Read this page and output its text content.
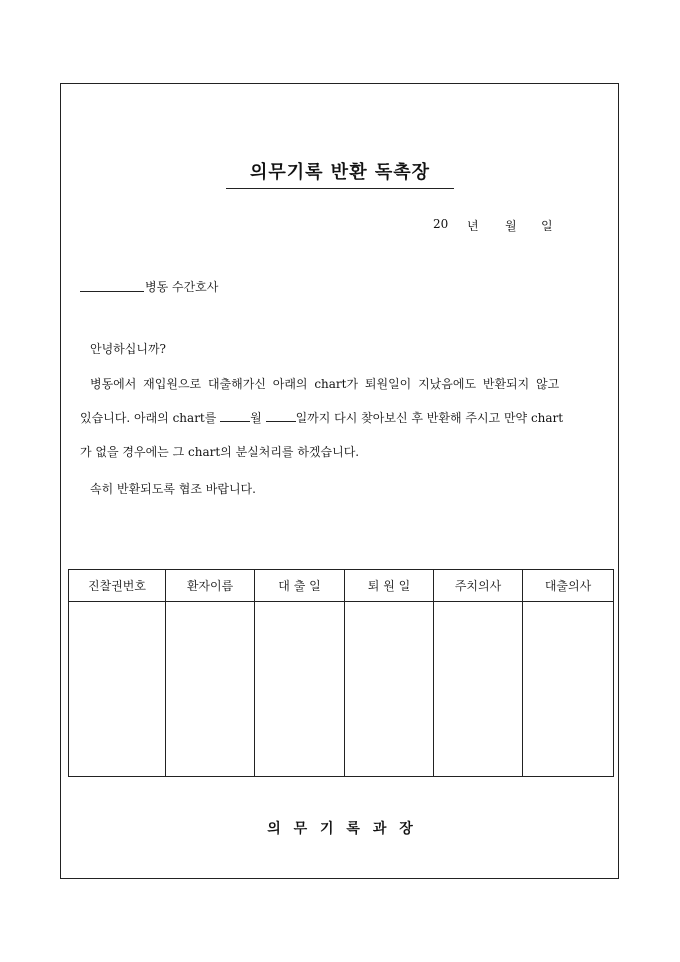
의무기록 반환 독촉장
20 년 월 일
병동 수간호사
안녕하십니까?
병동에서 재입원으로 대출해가신 아래의 chart가 퇴원일이 지났음에도 반환되지 않고
있습니다. 아래의 chart를	월	일까지 다시 찾아보신 후 반환해 주시고 만약 chart
가 없을 경우에는 그 chart의 분실처리를 하겠습니다.
속히 반환되도록 협조 바랍니다.
진찰권번호	환자이름	대 출 일	퇴 원 일	주치의사	대출의사

의 무 기 록 과 장
